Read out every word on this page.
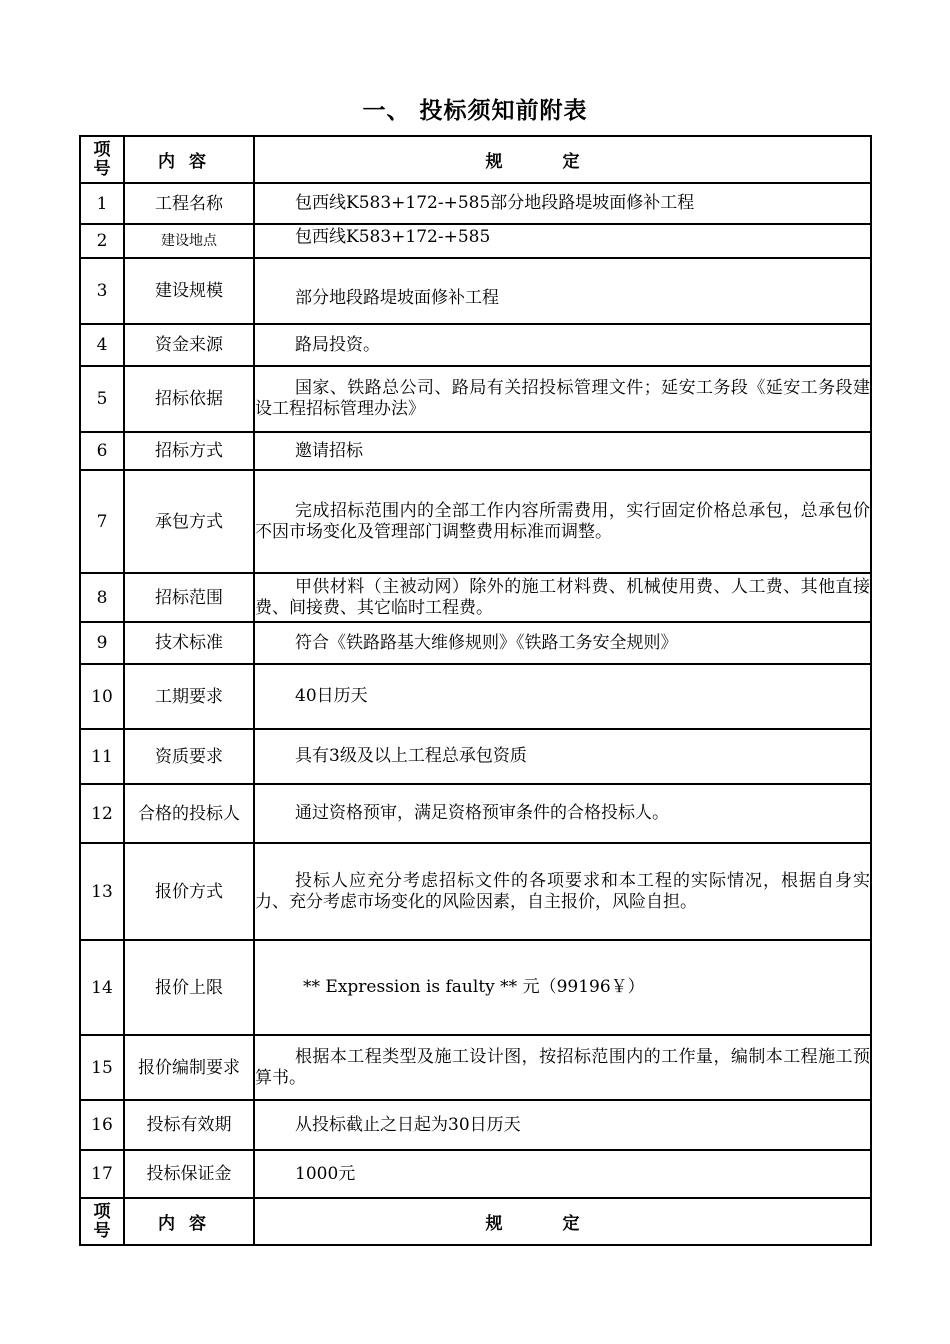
一、 投标须知前附表
项
号	内容	规定
1	工程名称	包西线K583+172-+585部分地段路堤坡面修补工程
2	建设地点	包西线K583+172-+585
3	建设规模	部分地段路堤坡面修补工程
4	资金来源	路局投资。
5	招标依据	国家、铁路总公司、路局有关招投标管理文件；延安工务段《延安工务段建设工程招标管理办法》
6	招标方式	邀请招标
7	承包方式	完成招标范围内的全部工作内容所需费用，实行固定价格总承包，总承包价不因市场变化及管理部门调整费用标准而调整。
8	招标范围	甲供材料（主被动网）除外的施工材料费、机械使用费、人工费、其他直接费、间接费、其它临时工程费。
9	技术标准	符合《铁路路基大维修规则》《铁路工务安全规则》
10	工期要求	40日历天
11	资质要求	具有3级及以上工程总承包资质
12	合格的投标人	通过资格预审，满足资格预审条件的合格投标人。
13	报价方式	投标人应充分考虑招标文件的各项要求和本工程的实际情况，根据自身实力、充分考虑市场变化的风险因素，自主报价，风险自担。
14	报价上限	** Expression is faulty ** 元（99196￥）
15	报价编制要求	根据本工程类型及施工设计图，按招标范围内的工作量，编制本工程施工预算书。
16	投标有效期	从投标截止之日起为30日历天
17	投标保证金	1000元

项
号	内容	规定
